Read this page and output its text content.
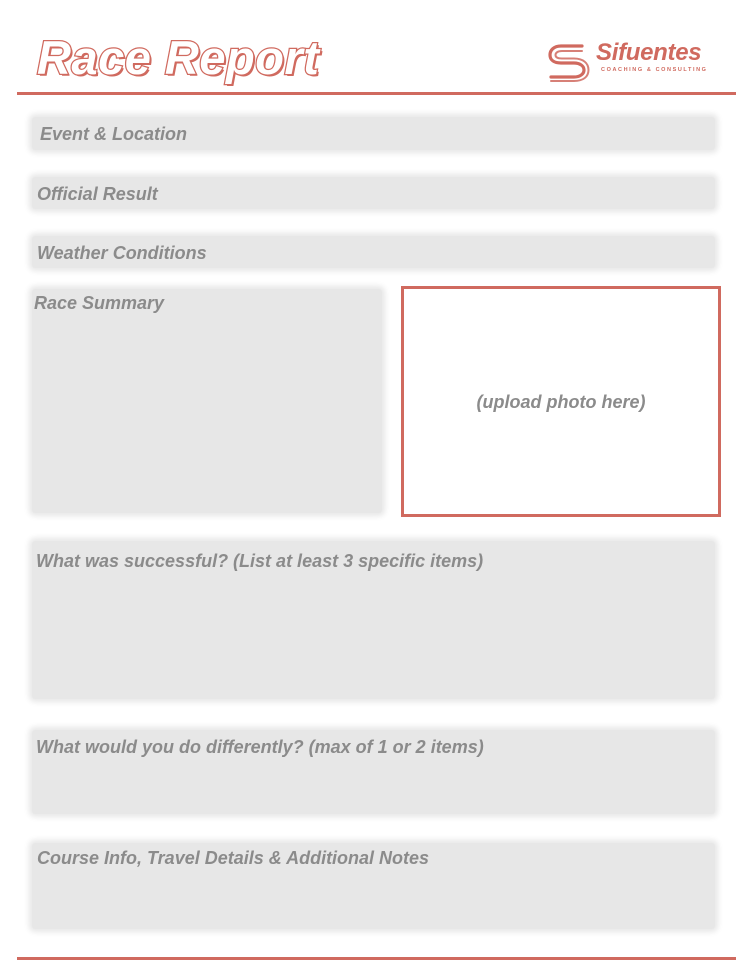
Race Report	Sifuentes
COACHING & CONSULTING
Event & Location
Official Result
Weather Conditions
Race Summary
(upload photo here)
What was successful? (List at least 3 specific items)
What would you do differently? (max of 1 or 2 items)
Course Info, Travel Details & Additional Notes
